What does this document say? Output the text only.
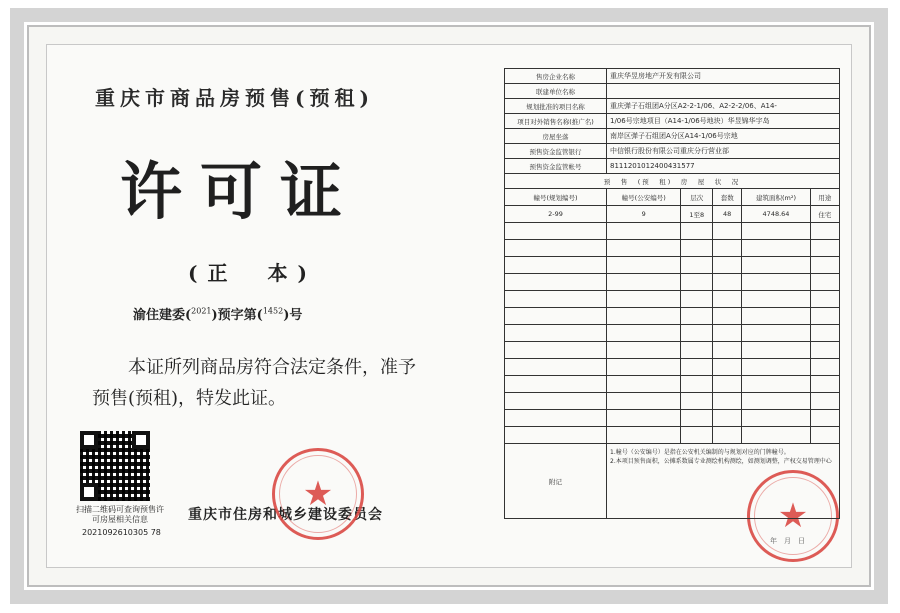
重庆市商品房预售(预租)
许可证
(正　本)
渝住建委($^{2021}$)预字第($^{1452}$)号
本证所列商品房符合法定条件，准予预售(预租)，特发此证。
扫描二维码可查询预售许可房屋相关信息
2021092610305 78
重庆市住房和城乡建设委员会
★
★
售房企业名称	重庆华昱房地产开发有限公司				
联建单位名称					
规划批准的项目名称	重庆弹子石组团A分区A2-2-1/06、A2-2-2/06、A14-				
项目对外销售名称(推广名)	1/06号宗地项目（A14-1/06号地块）华昱锦华宇岛				
房屋坐落	南岸区弹子石组团A分区A14-1/06号宗地				
预售资金监管银行	中信银行股份有限公司重庆分行营业部				
预售资金监管帐号	8111201012400431577				
预　售　(预　租)　房　屋　状　况					
幢号(规划编号)	幢号(公安编号)	层次	套数	建筑面积(m²)	用途
2-99	9	1至8	48	4748.64	住宅

附记	1.幢号（公安编号）是指在公安机关编制的与规划对应的门牌幢号。
2.本项目预售面积，公摊系数属专业测绘机构测绘，如测划调整，产权交易管理中心				
年　月　日
